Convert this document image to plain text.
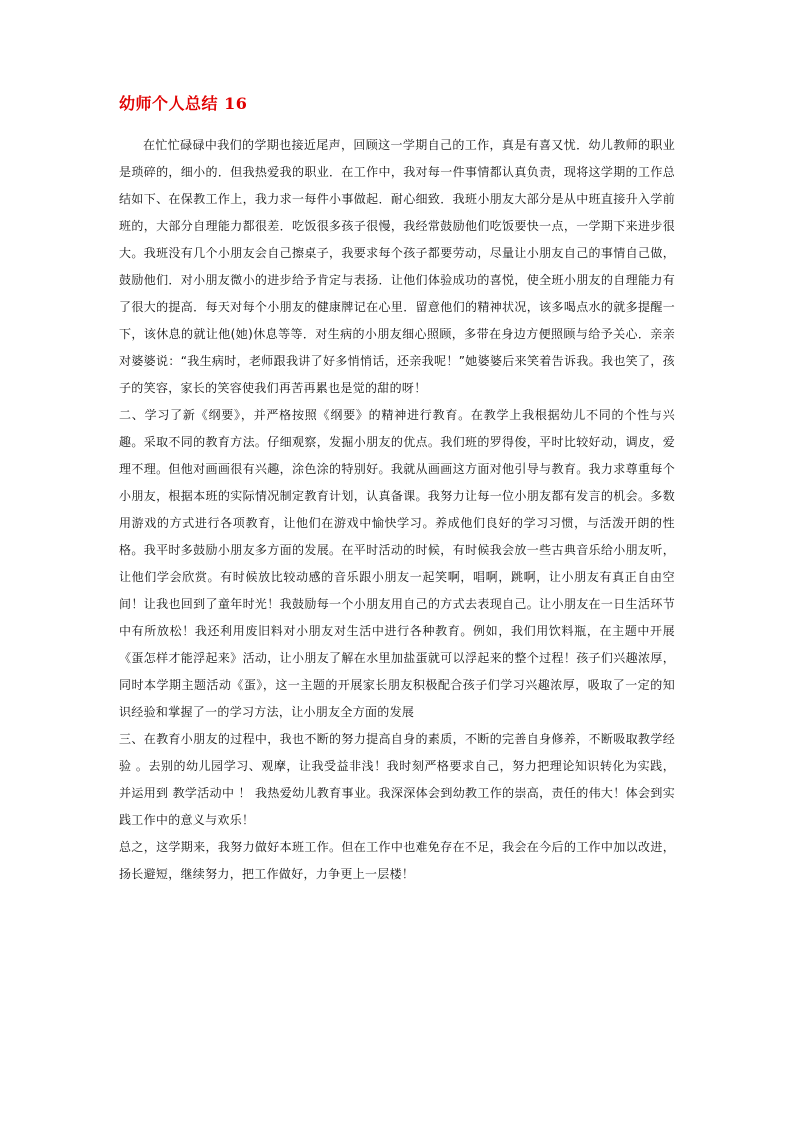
幼师个人总结 16

在忙忙碌碌中我们的学期也接近尾声，回顾这一学期自己的工作，真是有喜又忧．幼儿教师的职业是琐碎的，细小的．但我热爱我的职业．在工作中，我对每一件事情都认真负责，现将这学期的工作总结如下、在保教工作上，我力求一每件小事做起．耐心细致．我班小朋友大部分是从中班直接升入学前班的，大部分自理能力都很差．吃饭很多孩子很慢，我经常鼓励他们吃饭要快一点，一学期下来进步很大。我班没有几个小朋友会自己擦桌子，我要求每个孩子都要劳动，尽量让小朋友自己的事情自己做，鼓励他们．对小朋友微小的进步给予肯定与表扬．让他们体验成功的喜悦，使全班小朋友的自理能力有了很大的提高．每天对每个小朋友的健康牌记在心里．留意他们的精神状况，该多喝点水的就多提醒一下，该休息的就让他(她)休息等等．对生病的小朋友细心照顾，多带在身边方便照顾与给予关心．亲亲对婆婆说：“我生病时，老师跟我讲了好多悄悄话，还亲我呢！”她婆婆后来笑着告诉我。我也笑了，孩子的笑容，家长的笑容使我们再苦再累也是觉的甜的呀！

二、学习了新《纲要》，并严格按照《纲要》的精神进行教育。在教学上我根据幼儿不同的个性与兴趣。采取不同的教育方法。仔细观察，发掘小朋友的优点。我们班的罗得俊，平时比较好动，调皮，爱理不理。但他对画画很有兴趣，涂色涂的特别好。我就从画画这方面对他引导与教育。我力求尊重每个小朋友，根据本班的实际情况制定教育计划，认真备课。我努力让每一位小朋友都有发言的机会。多数用游戏的方式进行各项教育，让他们在游戏中愉快学习。养成他们良好的学习习惯，与活泼开朗的性格。我平时多鼓励小朋友多方面的发展。在平时活动的时候，有时候我会放一些古典音乐给小朋友听，让他们学会欣赏。有时候放比较动感的音乐跟小朋友一起笑啊，唱啊，跳啊，让小朋友有真正自由空间！让我也回到了童年时光！我鼓励每一个小朋友用自己的方式去表现自己。让小朋友在一日生活环节中有所放松！我还利用废旧料对小朋友对生活中进行各种教育。例如，我们用饮料瓶，在主题中开展《蛋怎样才能浮起来》活动，让小朋友了解在水里加盐蛋就可以浮起来的整个过程！孩子们兴趣浓厚，同时本学期主题活动《蛋》，这一主题的开展家长朋友积极配合孩子们学习兴趣浓厚，吸取了一定的知识经验和掌握了一的学习方法，让小朋友全方面的发展

三、在教育小朋友的过程中，我也不断的努力提高自身的素质，不断的完善自身修养，不断吸取教学经验 。去别的幼儿园学习、观摩，让我受益非浅！我时刻严格要求自己，努力把理论知识转化为实践，并运用到 教学活动中 ！ 我热爱幼儿教育事业。我深深体会到幼教工作的崇高，责任的伟大！体会到实践工作中的意义与欢乐！

总之，这学期来，我努力做好本班工作。但在工作中也难免存在不足，我会在今后的工作中加以改进，扬长避短，继续努力，把工作做好，力争更上一层楼！
